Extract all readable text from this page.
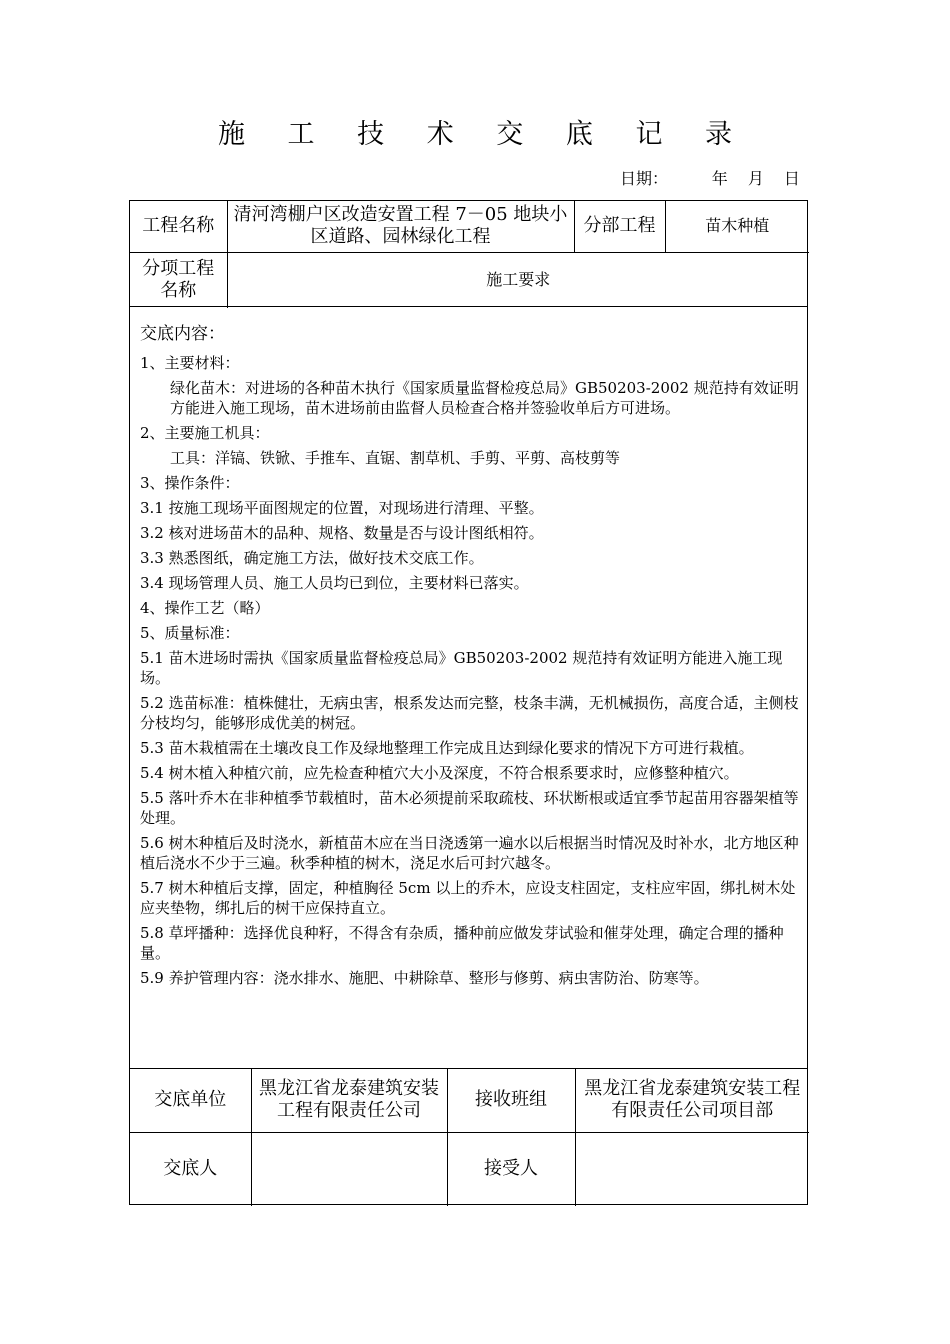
施 工 技 术 交 底 记 录
日期：	年	月	日
工程名称	清河湾棚户区改造安置工程 7－05 地块小区道路、园林绿化工程	分部工程	苗木种植
分项工程名称	施工要求		
交底内容：
1、主要材料：
绿化苗木：对进场的各种苗木执行《国家质量监督检疫总局》GB50203-2002 规范持有效证明方能进入施工现场，苗木进场前由监督人员检查合格并签验收单后方可进场。
2、主要施工机具：
工具：洋镐、铁锨、手推车、直锯、割草机、手剪、平剪、高枝剪等
3、操作条件：
3.1 按施工现场平面图规定的位置，对现场进行清理、平整。
3.2 核对进场苗木的品种、规格、数量是否与设计图纸相符。
3.3 熟悉图纸，确定施工方法，做好技术交底工作。
3.4 现场管理人员、施工人员均已到位，主要材料已落实。
4、操作工艺（略）
5、质量标准：
5.1 苗木进场时需执《国家质量监督检疫总局》GB50203-2002 规范持有效证明方能进入施工现场。
5.2 选苗标准：植株健壮，无病虫害，根系发达而完整，枝条丰满，无机械损伤，高度合适，主侧枝分枝均匀，能够形成优美的树冠。
5.3 苗木栽植需在土壤改良工作及绿地整理工作完成且达到绿化要求的情况下方可进行栽植。
5.4 树木植入种植穴前，应先检查种植穴大小及深度，不符合根系要求时，应修整种植穴。
5.5 落叶乔木在非种植季节载植时，苗木必须提前采取疏枝、环状断根或适宜季节起苗用容器架植等处理。
5.6 树木种植后及时浇水，新植苗木应在当日浇透第一遍水以后根据当时情况及时补水，北方地区种植后浇水不少于三遍。秋季种植的树木，浇足水后可封穴越冬。
5.7 树木种植后支撑，固定，种植胸径 5cm 以上的乔木，应设支柱固定，支柱应牢固，绑扎树木处应夹垫物，绑扎后的树干应保持直立。
5.8 草坪播种：选择优良种籽，不得含有杂质，播种前应做发芽试验和催芽处理，确定合理的播种量。
5.9 养护管理内容：浇水排水、施肥、中耕除草、整形与修剪、病虫害防治、防寒等。
交底单位	黑龙江省龙泰建筑安装工程有限责任公司	接收班组	黑龙江省龙泰建筑安装工程有限责任公司项目部
交底人		接受人	
